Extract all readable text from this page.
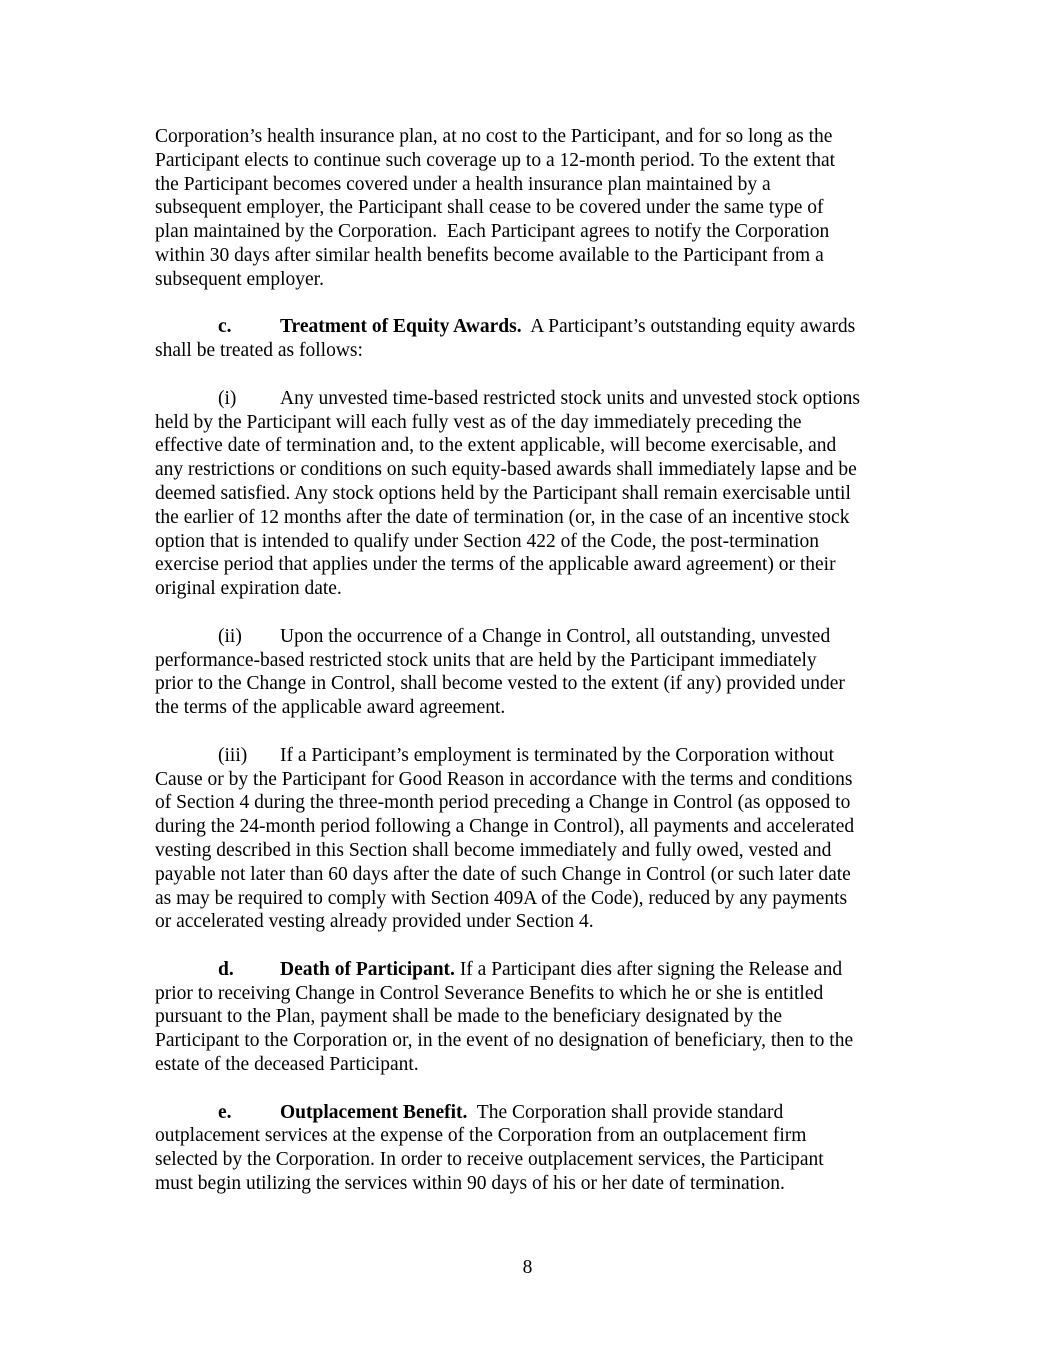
Corporation’s health insurance plan, at no cost to the Participant, and for so long as the
Participant elects to continue such coverage up to a 12-month period. To the extent that
the Participant becomes covered under a health insurance plan maintained by a
subsequent employer, the Participant shall cease to be covered under the same type of
plan maintained by the Corporation.  Each Participant agrees to notify the Corporation
within 30 days after similar health benefits become available to the Participant from a
subsequent employer.
c. Treatment of Equity Awards.  A Participant’s outstanding equity awards
shall be treated as follows:
(i) Any unvested time-based restricted stock units and unvested stock options
held by the Participant will each fully vest as of the day immediately preceding the
effective date of termination and, to the extent applicable, will become exercisable, and
any restrictions or conditions on such equity-based awards shall immediately lapse and be
deemed satisfied. Any stock options held by the Participant shall remain exercisable until
the earlier of 12 months after the date of termination (or, in the case of an incentive stock
option that is intended to qualify under Section 422 of the Code, the post-termination
exercise period that applies under the terms of the applicable award agreement) or their
original expiration date.
(ii) Upon the occurrence of a Change in Control, all outstanding, unvested
performance-based restricted stock units that are held by the Participant immediately
prior to the Change in Control, shall become vested to the extent (if any) provided under
the terms of the applicable award agreement.
(iii) If a Participant’s employment is terminated by the Corporation without
Cause or by the Participant for Good Reason in accordance with the terms and conditions
of Section 4 during the three-month period preceding a Change in Control (as opposed to
during the 24-month period following a Change in Control), all payments and accelerated
vesting described in this Section shall become immediately and fully owed, vested and
payable not later than 60 days after the date of such Change in Control (or such later date
as may be required to comply with Section 409A of the Code), reduced by any payments
or accelerated vesting already provided under Section 4.
d. Death of Participant. If a Participant dies after signing the Release and
prior to receiving Change in Control Severance Benefits to which he or she is entitled
pursuant to the Plan, payment shall be made to the beneficiary designated by the
Participant to the Corporation or, in the event of no designation of beneficiary, then to the
estate of the deceased Participant.
e. Outplacement Benefit.  The Corporation shall provide standard
outplacement services at the expense of the Corporation from an outplacement firm
selected by the Corporation. In order to receive outplacement services, the Participant
must begin utilizing the services within 90 days of his or her date of termination.
8
